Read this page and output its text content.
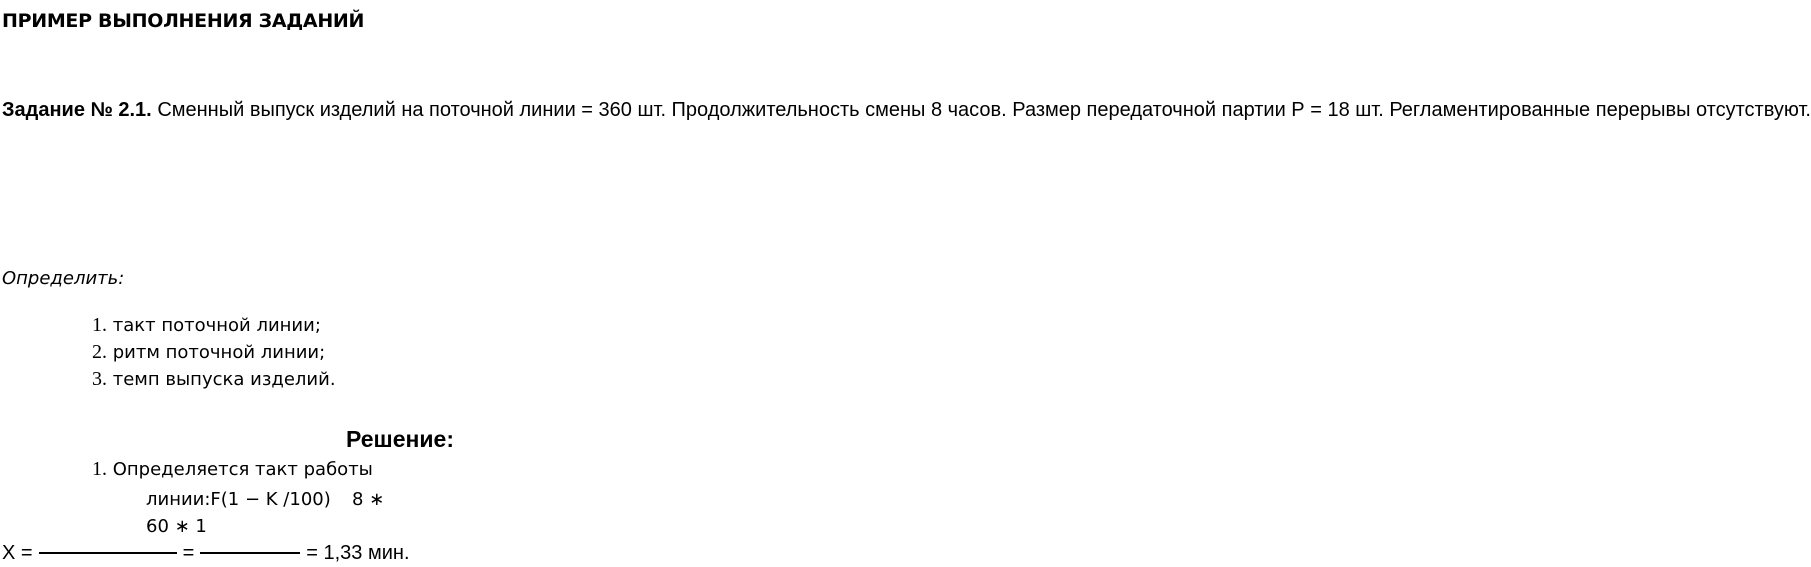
ПРИМЕР ВЫПОЛНЕНИЯ ЗАДАНИЙ
Задание № 2.1. Сменный выпуск изделий на поточной линии = 360 шт. Продолжительность смены 8 часов. Размер передаточной партии Р = 18 шт. Регламентированные перерывы отсутствуют.
Определить:
1. такт поточной линии;
2. ритм поточной линии;
3. темп выпуска изделий.
Решение:
1. Определяется такт работы
линии:F(1 − K /100) 8 ∗
60 ∗ 1
X =	=	= 1,33 мин.
